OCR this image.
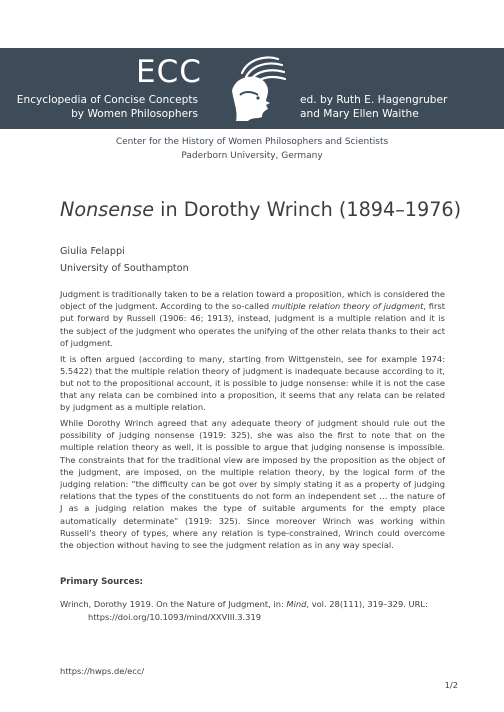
ECC
Encyclopedia of Concise Concepts
by Women Philosophers
ed. by Ruth E. Hagengruber
and Mary Ellen Waithe
Center for the History of Women Philosophers and Scientists
Paderborn University, Germany
Nonsense in Dorothy Wrinch (1894–1976)
Giulia Felappi
University of Southampton

Judgment is traditionally taken to be a relation toward a proposition, which is considered the object of the judgment. According to the so-called multiple relation theory of judgment, first put forward by Russell (1906: 46; 1913), instead, judgment is a multiple relation and it is the subject of the judgment who operates the unifying of the other relata thanks to their act of judgment.

It is often argued (according to many, starting from Wittgenstein, see for example 1974: 5.5422) that the multiple relation theory of judgment is inadequate because according to it, but not to the propositional account, it is possible to judge nonsense: while it is not the case that any relata can be combined into a proposition, it seems that any relata can be related by judgment as a multiple relation.

While Dorothy Wrinch agreed that any adequate theory of judgment should rule out the possibility of judging nonsense (1919: 325), she was also the first to note that on the multiple relation theory as well, it is possible to argue that judging nonsense is impossible. The constraints that for the traditional view are imposed by the proposition as the object of the judgment, are imposed, on the multiple relation theory, by the logical form of the judging relation: “the difficulty can be got over by simply stating it as a property of judging relations that the types of the constituents do not form an independent set … the nature of J as a judging relation makes the type of suitable arguments for the empty place automatically determinate” (1919: 325). Since moreover Wrinch was working within Russell’s theory of types, where any relation is type-constrained, Wrinch could overcome the objection without having to see the judgment relation as in any way special.

Primary Sources:
Wrinch, Dorothy 1919. On the Nature of Judgment, in: Mind, vol. 28(111), 319–329. URL:
https://doi.org/10.1093/mind/XXVIII.3.319
https://hwps.de/ecc/
1/2
